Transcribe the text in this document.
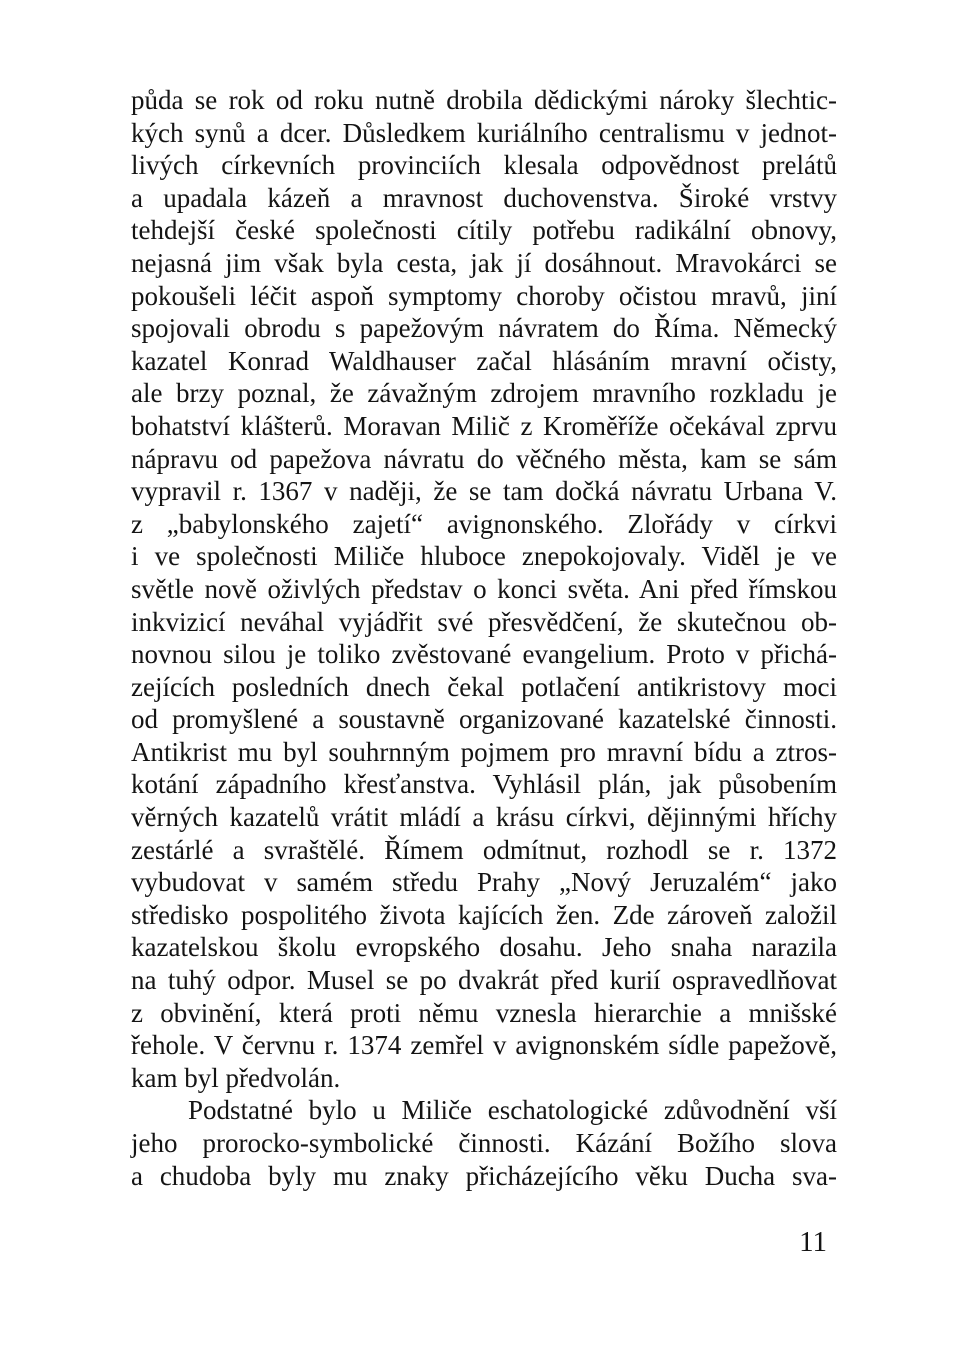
půda se rok od roku nutně drobila dědickými nároky šlechtic-
kých synů a dcer. Důsledkem kuriálního centralismu v jednot-
livých církevních provinciích klesala odpovědnost prelátů
a upadala kázeň a mravnost duchovenstva. Široké vrstvy
tehdejší české společnosti cítily potřebu radikální obnovy,
nejasná jim však byla cesta, jak jí dosáhnout. Mravokárci se
pokoušeli léčit aspoň symptomy choroby očistou mravů, jiní
spojovali obrodu s papežovým návratem do Říma. Německý
kazatel Konrad Waldhauser začal hlásáním mravní očisty,
ale brzy poznal, že závažným zdrojem mravního rozkladu je
bohatství klášterů. Moravan Milič z Kroměříže očekával zprvu
nápravu od papežova návratu do věčného města, kam se sám
vypravil r. 1367 v naději, že se tam dočká návratu Urbana V.
z „babylonského zajetí“ avignonského. Zlořády v církvi
i ve společnosti Miliče hluboce znepokojovaly. Viděl je ve
světle nově oživlých představ o konci světa. Ani před římskou
inkvizicí neváhal vyjádřit své přesvědčení, že skutečnou ob-
novnou silou je toliko zvěstované evangelium. Proto v přichá-
zejících posledních dnech čekal potlačení antikristovy moci
od promyšlené a soustavně organizované kazatelské činnosti.
Antikrist mu byl souhrnným pojmem pro mravní bídu a ztros-
kotání západního křesťanstva. Vyhlásil plán, jak působením
věrných kazatelů vrátit mládí a krásu církvi, dějinnými hříchy
zestárlé a svraštělé. Římem odmítnut, rozhodl se r. 1372
vybudovat v samém středu Prahy „Nový Jeruzalém“ jako
středisko pospolitého života kajících žen. Zde zároveň založil
kazatelskou školu evropského dosahu. Jeho snaha narazila
na tuhý odpor. Musel se po dvakrát před kurií ospravedlňovat
z obvinění, která proti němu vznesla hierarchie a mnišské
řehole. V červnu r. 1374 zemřel v avignonském sídle papežově,
kam byl předvolán.
Podstatné bylo u Miliče eschatologické zdůvodnění vší
jeho prorocko-symbolické činnosti. Kázání Božího slova
a chudoba byly mu znaky přicházejícího věku Ducha sva-
11
